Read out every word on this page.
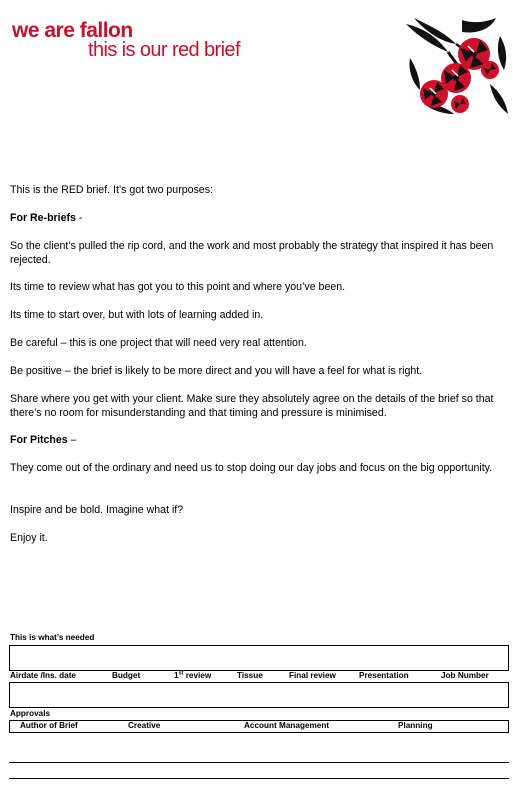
we are fallon
this is our red brief

This is the RED brief. It’s got two purposes:

For Re-briefs -

So the client’s pulled the rip cord, and the work and most probably the strategy that inspired it has been rejected.

Its time to review what has got you to this point and where you’ve been.

Its time to start over, but with lots of learning added in.

Be careful – this is one project that will need very real attention.

Be positive – the brief is likely to be more direct and you will have a feel for what is right.

Share where you get with your client. Make sure they absolutely agree on the details of the brief so that there’s no room for misunderstanding and that timing and pressure is minimised.

For Pitches –

They come out of the ordinary and need us to stop doing our day jobs and focus on the big opportunity.

Inspire and be bold. Imagine what if?

Enjoy it.

This is what’s needed
Airdate /Ins. date	Budget	1st review	Tissue	Final review	Presentation	Job Number
Approvals
Author of Brief	Creative	Account Management	Planning
